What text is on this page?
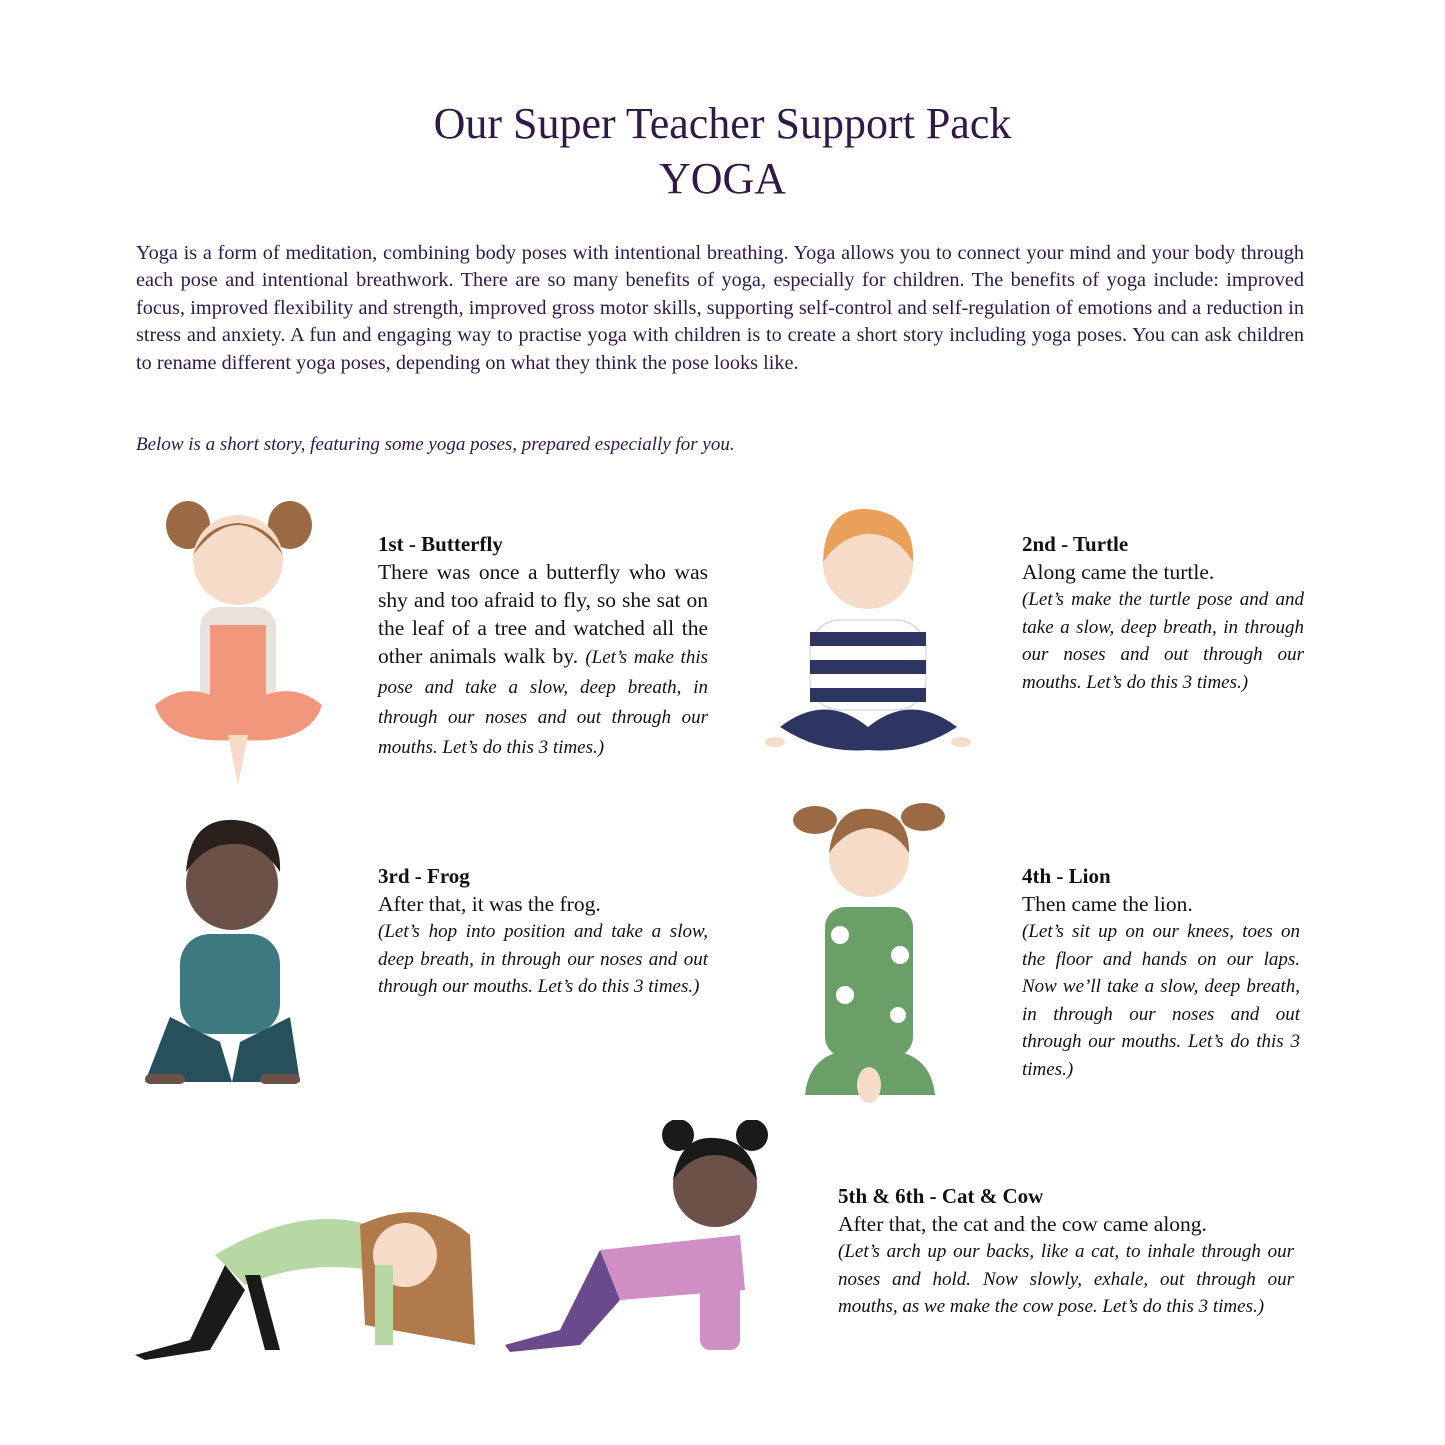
Our Super Teacher Support Pack
YOGA

Yoga is a form of meditation, combining body poses with intentional breathing. Yoga allows you to connect your mind and your body through each pose and intentional breathwork. There are so many benefits of yoga, especially for children. The benefits of yoga include: improved focus, improved flexibility and strength, improved gross motor skills, supporting self-control and self-regulation of emotions and a reduction in stress and anxiety. A fun and engaging way to practise yoga with children is to create a short story including yoga poses. You can ask children to rename different yoga poses, depending on what they think the pose looks like.

Below is a short story, featuring some yoga poses, prepared especially for you.

1st - Butterfly

There was once a butterfly who was shy and too afraid to fly, so she sat on the leaf of a tree and watched all the other animals walk by. (Let’s make this pose and take a slow, deep breath, in through our noses and out through our mouths. Let’s do this 3 times.)

2nd - Turtle

Along came the turtle.

(Let’s make the turtle pose and and take a slow, deep breath, in through our noses and out through our mouths. Let’s do this 3 times.)

3rd - Frog

After that, it was the frog.

(Let’s hop into position and take a slow, deep breath, in through our noses and out through our mouths. Let’s do this 3 times.)

4th - Lion

Then came the lion.

(Let’s sit up on our knees, toes on the floor and hands on our laps. Now we’ll take a slow, deep breath, in through our noses and out through our mouths. Let’s do this 3 times.)

5th & 6th - Cat & Cow

After that, the cat and the cow came along.

(Let’s arch up our backs, like a cat, to inhale through our noses and hold. Now slowly, exhale, out through our mouths, as we make the cow pose. Let’s do this 3 times.)
